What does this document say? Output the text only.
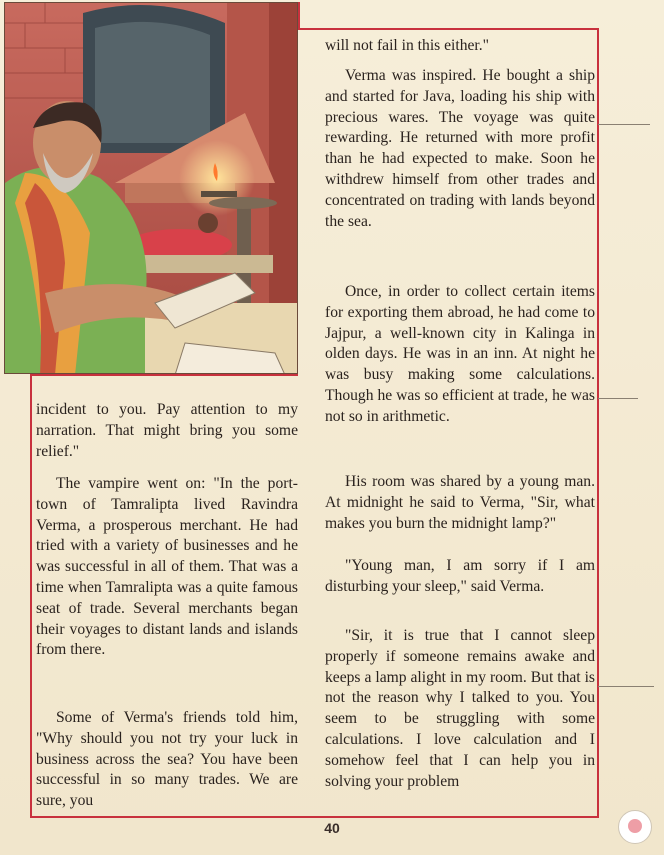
incident to you. Pay attention to my narration. That might bring you some relief."

The vampire went on: "In the port-town of Tamralipta lived Ravindra Verma, a prosperous merchant. He had tried with a variety of businesses and he was successful in all of them. That was a time when Tamralipta was a quite famous seat of trade. Several merchants began their voyages to distant lands and islands from there.

Some of Verma's friends told him, "Why should you not try your luck in business across the sea? You have been successful in so many trades. We are sure, you

will not fail in this either."

Verma was inspired. He bought a ship and started for Java, loading his ship with precious wares. The voyage was quite rewarding. He returned with more profit than he had expected to make. Soon he withdrew himself from other trades and concentrated on trading with lands beyond the sea.

Once, in order to collect certain items for exporting them abroad, he had come to Jajpur, a well-known city in Kalinga in olden days. He was in an inn. At night he was busy making some calculations. Though he was so efficient at trade, he was not so in arithmetic.

His room was shared by a young man. At midnight he said to Verma, "Sir, what makes you burn the midnight lamp?"

"Young man, I am sorry if I am disturbing your sleep," said Verma.

"Sir, it is true that I cannot sleep properly if someone remains awake and keeps a lamp alight in my room. But that is not the reason why I talked to you. You seem to be struggling with some calculations. I love calculation and I somehow feel that I can help you in solving your problem

40
